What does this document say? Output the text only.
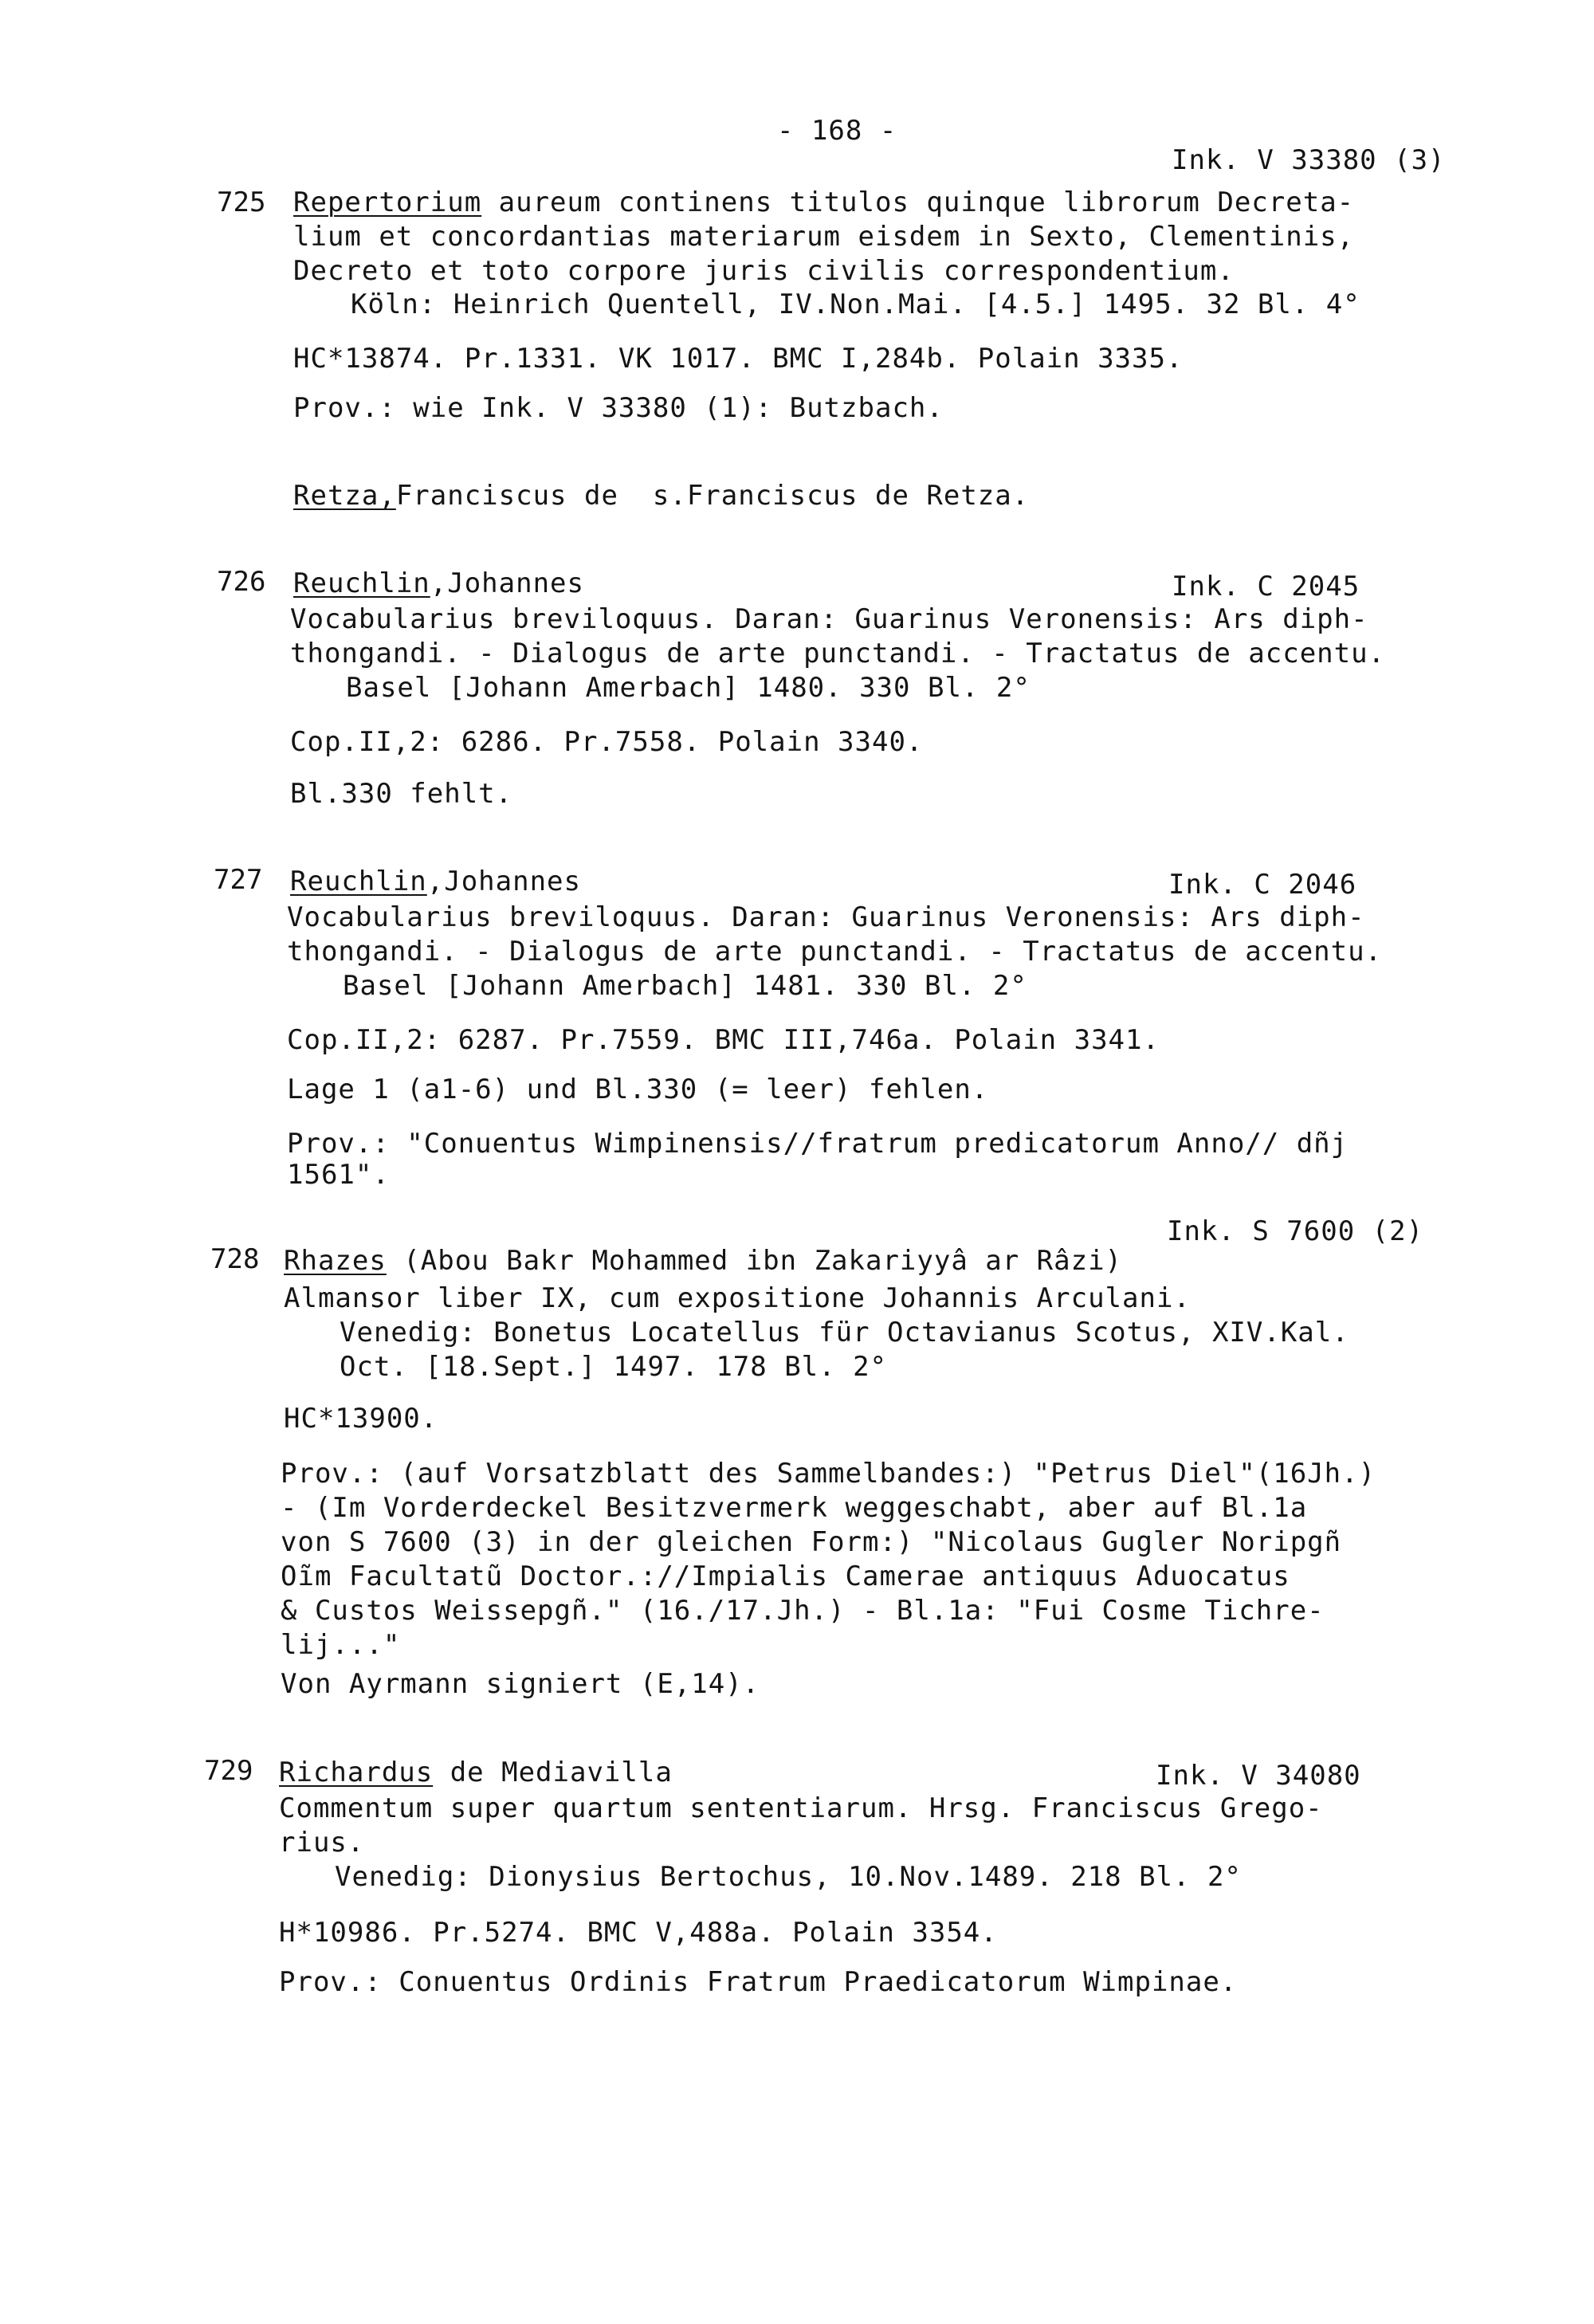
- 168 -
Ink. V 33380 (3)
725 Repertorium aureum continens titulos quinque librorum Decreta-
lium et concordantias materiarum eisdem in Sexto, Clementinis,
Decreto et toto corpore juris civilis correspondentium.
Köln: Heinrich Quentell, IV.Non.Mai. [4.5.] 1495. 32 Bl. 4°
HC*13874. Pr.1331. VK 1017. BMC I,284b. Polain 3335.
Prov.: wie Ink. V 33380 (1): Butzbach.
Retza,Franciscus de  s.Franciscus de Retza.
726 Reuchlin,Johannes	Ink. C 2045
Vocabularius breviloquus. Daran: Guarinus Veronensis: Ars diph-
thongandi. - Dialogus de arte punctandi. - Tractatus de accentu.
Basel [Johann Amerbach] 1480. 330 Bl. 2°
Cop.II,2: 6286. Pr.7558. Polain 3340.
Bl.330 fehlt.
727 Reuchlin,Johannes	Ink. C 2046
Vocabularius breviloquus. Daran: Guarinus Veronensis: Ars diph-
thongandi. - Dialogus de arte punctandi. - Tractatus de accentu.
Basel [Johann Amerbach] 1481. 330 Bl. 2°
Cop.II,2: 6287. Pr.7559. BMC III,746a. Polain 3341.
Lage 1 (a1-6) und Bl.330 (= leer) fehlen.
Prov.: "Conuentus Wimpinensis//fratrum predicatorum Anno// dñj
1561".
Ink. S 7600 (2)
728 Rhazes (Abou Bakr Mohammed ibn Zakariyyâ ar Râzi)
Almansor liber IX, cum expositione Johannis Arculani.
Venedig: Bonetus Locatellus für Octavianus Scotus, XIV.Kal.
Oct. [18.Sept.] 1497. 178 Bl. 2°
HC*13900.
Prov.: (auf Vorsatzblatt des Sammelbandes:) "Petrus Diel"(16Jh.)
- (Im Vorderdeckel Besitzvermerk weggeschabt, aber auf Bl.1a
von S 7600 (3) in der gleichen Form:) "Nicolaus Gugler Noripgñ
Oĩm Facultatũ Doctor.://Impialis Camerae antiquus Aduocatus
& Custos Weissepgñ." (16./17.Jh.) - Bl.1a: "Fui Cosme Tichre-
lij..."
Von Ayrmann signiert (E,14).
729 Richardus de Mediavilla	Ink. V 34080
Commentum super quartum sententiarum. Hrsg. Franciscus Grego-
rius.
Venedig: Dionysius Bertochus, 10.Nov.1489. 218 Bl. 2°
H*10986. Pr.5274. BMC V,488a. Polain 3354.
Prov.: Conuentus Ordinis Fratrum Praedicatorum Wimpinae.
